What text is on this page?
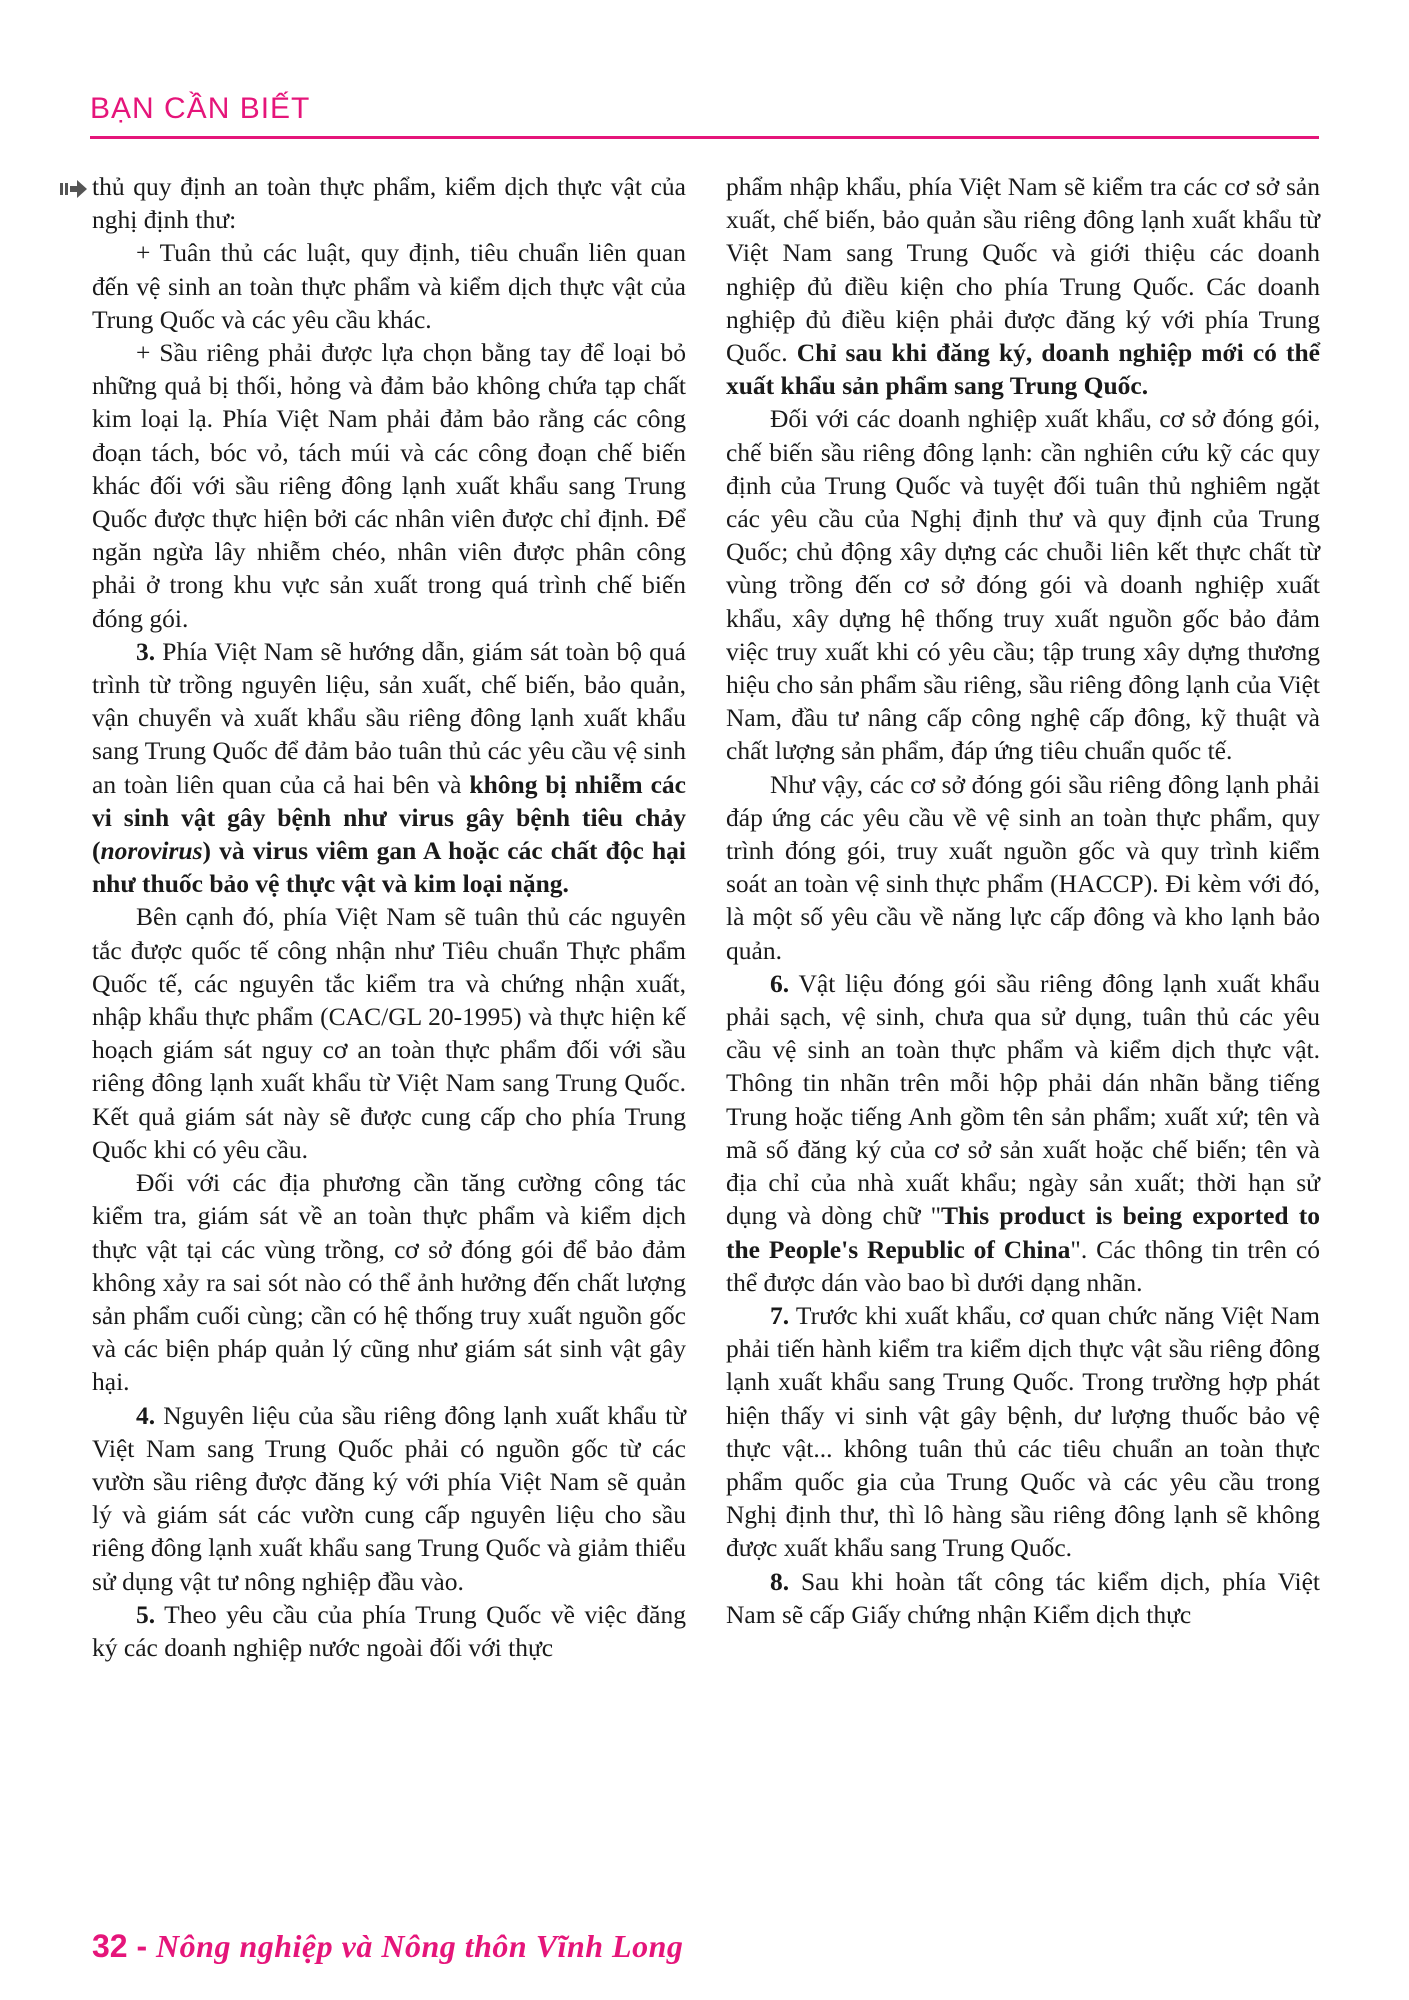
BẠN CẦN BIẾT

thủ quy định an toàn thực phẩm, kiểm dịch thực vật của nghị định thư:

+ Tuân thủ các luật, quy định, tiêu chuẩn liên quan đến vệ sinh an toàn thực phẩm và kiểm dịch thực vật của Trung Quốc và các yêu cầu khác.

+ Sầu riêng phải được lựa chọn bằng tay để loại bỏ những quả bị thối, hỏng và đảm bảo không chứa tạp chất kim loại lạ. Phía Việt Nam phải đảm bảo rằng các công đoạn tách, bóc vỏ, tách múi và các công đoạn chế biến khác đối với sầu riêng đông lạnh xuất khẩu sang Trung Quốc được thực hiện bởi các nhân viên được chỉ định. Để ngăn ngừa lây nhiễm chéo, nhân viên được phân công phải ở trong khu vực sản xuất trong quá trình chế biến đóng gói.

3. Phía Việt Nam sẽ hướng dẫn, giám sát toàn bộ quá trình từ trồng nguyên liệu, sản xuất, chế biến, bảo quản, vận chuyển và xuất khẩu sầu riêng đông lạnh xuất khẩu sang Trung Quốc để đảm bảo tuân thủ các yêu cầu vệ sinh an toàn liên quan của cả hai bên và không bị nhiễm các vi sinh vật gây bệnh như virus gây bệnh tiêu chảy (norovirus) và virus viêm gan A hoặc các chất độc hại như thuốc bảo vệ thực vật và kim loại nặng.

Bên cạnh đó, phía Việt Nam sẽ tuân thủ các nguyên tắc được quốc tế công nhận như Tiêu chuẩn Thực phẩm Quốc tế, các nguyên tắc kiểm tra và chứng nhận xuất, nhập khẩu thực phẩm (CAC/GL 20-1995) và thực hiện kế hoạch giám sát nguy cơ an toàn thực phẩm đối với sầu riêng đông lạnh xuất khẩu từ Việt Nam sang Trung Quốc. Kết quả giám sát này sẽ được cung cấp cho phía Trung Quốc khi có yêu cầu.

Đối với các địa phương cần tăng cường công tác kiểm tra, giám sát về an toàn thực phẩm và kiểm dịch thực vật tại các vùng trồng, cơ sở đóng gói để bảo đảm không xảy ra sai sót nào có thể ảnh hưởng đến chất lượng sản phẩm cuối cùng; cần có hệ thống truy xuất nguồn gốc và các biện pháp quản lý cũng như giám sát sinh vật gây hại.

4. Nguyên liệu của sầu riêng đông lạnh xuất khẩu từ Việt Nam sang Trung Quốc phải có nguồn gốc từ các vườn sầu riêng được đăng ký với phía Việt Nam sẽ quản lý và giám sát các vườn cung cấp nguyên liệu cho sầu riêng đông lạnh xuất khẩu sang Trung Quốc và giảm thiểu sử dụng vật tư nông nghiệp đầu vào.

5. Theo yêu cầu của phía Trung Quốc về việc đăng ký các doanh nghiệp nước ngoài đối với thực

phẩm nhập khẩu, phía Việt Nam sẽ kiểm tra các cơ sở sản xuất, chế biến, bảo quản sầu riêng đông lạnh xuất khẩu từ Việt Nam sang Trung Quốc và giới thiệu các doanh nghiệp đủ điều kiện cho phía Trung Quốc. Các doanh nghiệp đủ điều kiện phải được đăng ký với phía Trung Quốc. Chỉ sau khi đăng ký, doanh nghiệp mới có thể xuất khẩu sản phẩm sang Trung Quốc.

Đối với các doanh nghiệp xuất khẩu, cơ sở đóng gói, chế biến sầu riêng đông lạnh: cần nghiên cứu kỹ các quy định của Trung Quốc và tuyệt đối tuân thủ nghiêm ngặt các yêu cầu của Nghị định thư và quy định của Trung Quốc; chủ động xây dựng các chuỗi liên kết thực chất từ vùng trồng đến cơ sở đóng gói và doanh nghiệp xuất khẩu, xây dựng hệ thống truy xuất nguồn gốc bảo đảm việc truy xuất khi có yêu cầu; tập trung xây dựng thương hiệu cho sản phẩm sầu riêng, sầu riêng đông lạnh của Việt Nam, đầu tư nâng cấp công nghệ cấp đông, kỹ thuật và chất lượng sản phẩm, đáp ứng tiêu chuẩn quốc tế.

Như vậy, các cơ sở đóng gói sầu riêng đông lạnh phải đáp ứng các yêu cầu về vệ sinh an toàn thực phẩm, quy trình đóng gói, truy xuất nguồn gốc và quy trình kiểm soát an toàn vệ sinh thực phẩm (HACCP). Đi kèm với đó, là một số yêu cầu về năng lực cấp đông và kho lạnh bảo quản.

6. Vật liệu đóng gói sầu riêng đông lạnh xuất khẩu phải sạch, vệ sinh, chưa qua sử dụng, tuân thủ các yêu cầu vệ sinh an toàn thực phẩm và kiểm dịch thực vật. Thông tin nhãn trên mỗi hộp phải dán nhãn bằng tiếng Trung hoặc tiếng Anh gồm tên sản phẩm; xuất xứ; tên và mã số đăng ký của cơ sở sản xuất hoặc chế biến; tên và địa chỉ của nhà xuất khẩu; ngày sản xuất; thời hạn sử dụng và dòng chữ "This product is being exported to the People's Republic of China". Các thông tin trên có thể được dán vào bao bì dưới dạng nhãn.

7. Trước khi xuất khẩu, cơ quan chức năng Việt Nam phải tiến hành kiểm tra kiểm dịch thực vật sầu riêng đông lạnh xuất khẩu sang Trung Quốc. Trong trường hợp phát hiện thấy vi sinh vật gây bệnh, dư lượng thuốc bảo vệ thực vật... không tuân thủ các tiêu chuẩn an toàn thực phẩm quốc gia của Trung Quốc và các yêu cầu trong Nghị định thư, thì lô hàng sầu riêng đông lạnh sẽ không được xuất khẩu sang Trung Quốc.

8. Sau khi hoàn tất công tác kiểm dịch, phía Việt Nam sẽ cấp Giấy chứng nhận Kiểm dịch thực

32 - Nông nghiệp và Nông thôn Vĩnh Long
